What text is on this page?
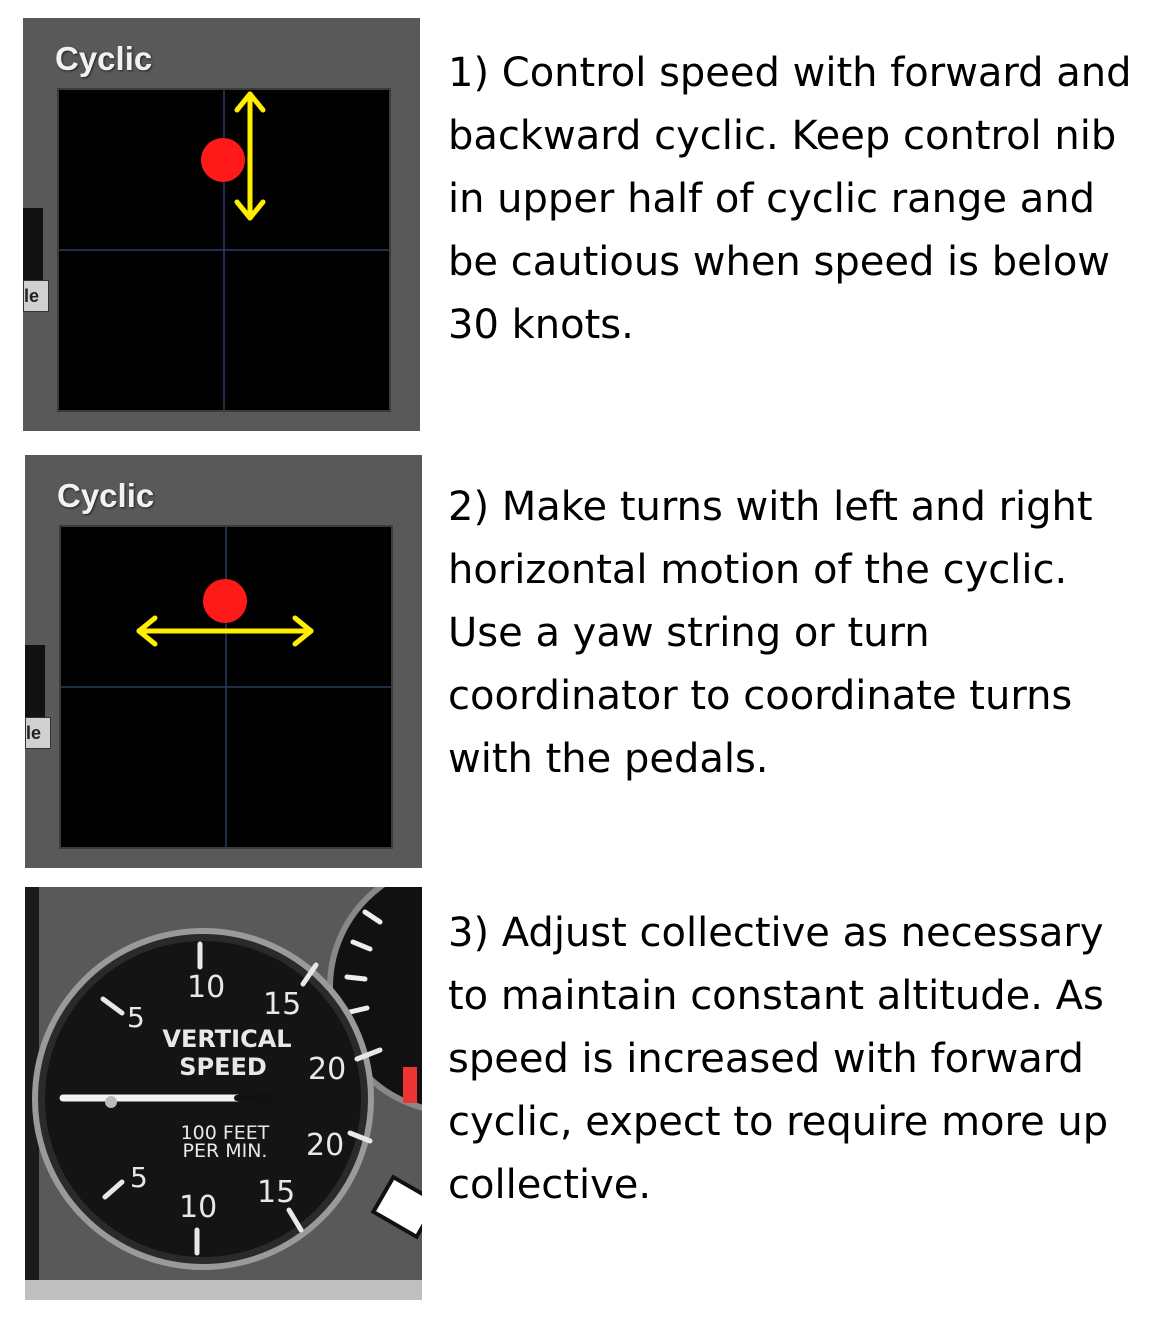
Cyclic
le

1) Control speed with forward and backward cyclic. Keep control nib in upper half of cyclic range and be cautious when speed is below 30 knots.

Cyclic
le

2) Make turns with left and right horizontal motion of the cyclic. Use a yaw string or turn coordinator to coordinate turns with the pedals.

5
10 15
20
20
15
10
5
VERTICAL
SPEED
100 FEET
PER MIN.

3) Adjust collective as necessary to maintain constant altitude. As speed is increased with forward cyclic, expect to require more up collective.
